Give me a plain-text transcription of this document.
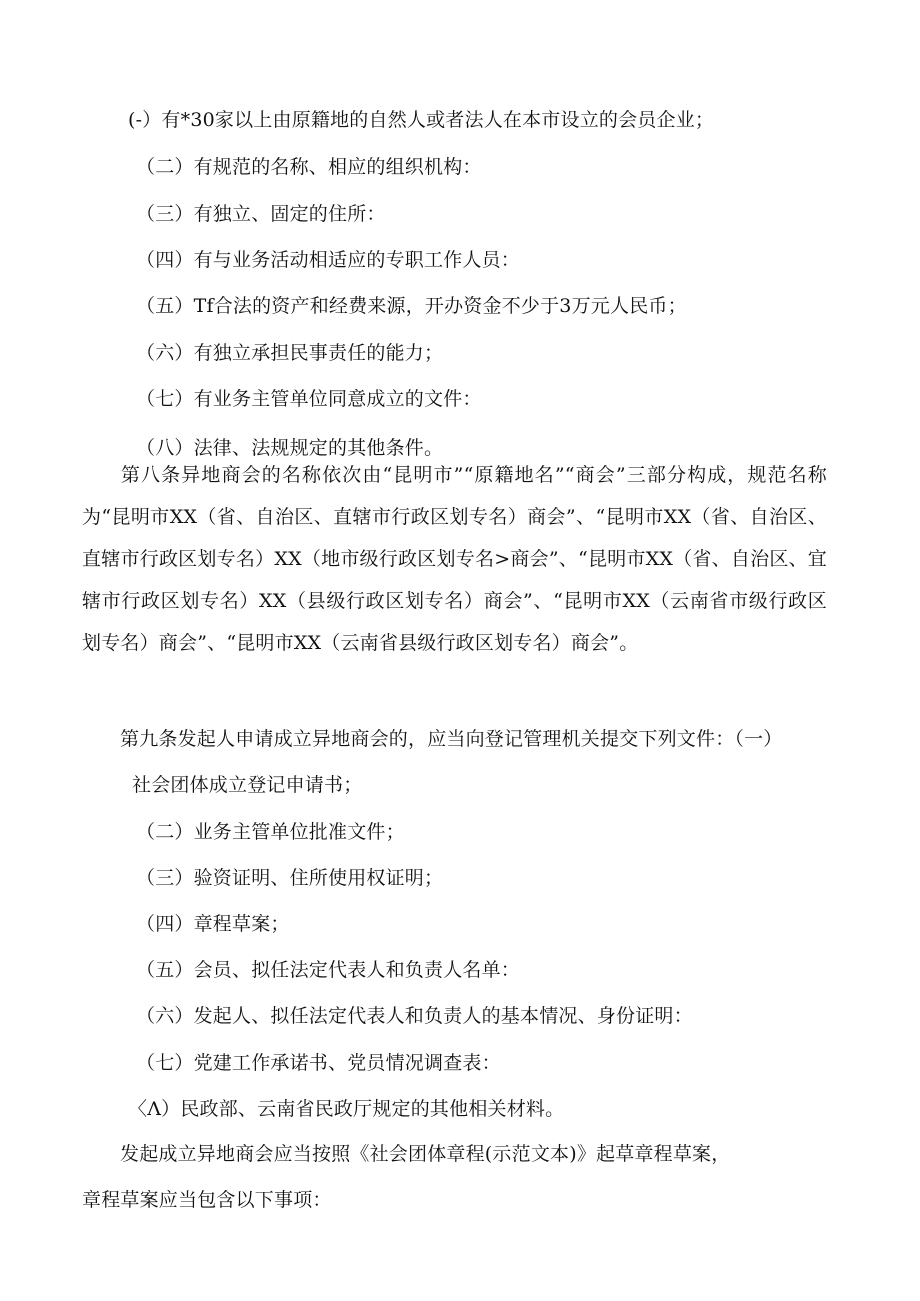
(-）有*30家以上由原籍地的自然人或者法人在本市设立的会员企业；
（二）有规范的名称、相应的组织机构：
（三）有独立、固定的住所：
（四）有与业务活动相适应的专职工作人员：
（五）Tf合法的资产和经费来源，开办资金不少于3万元人民币；
（六）有独立承担民事责任的能力；
（七）有业务主管单位同意成立的文件：
（八）法律、法规规定的其他条件。
第八条异地商会的名称依次由“昆明市”“原籍地名”“商会”三部分构成，规范名称为“昆明市XX（省、自治区、直辖市行政区划专名）商会”、“昆明市XX（省、自治区、直辖市行政区划专名）XX（地市级行政区划专名>商会”、“昆明市XX（省、自治区、宜辖市行政区划专名）XX（县级行政区划专名）商会”、“昆明市XX（云南省市级行政区划专名）商会”、“昆明市XX（云南省县级行政区划专名）商会”。
第九条发起人申请成立异地商会的，应当向登记管理机关提交下列文件：（一）
社会团体成立登记申请书；
（二）业务主管单位批准文件；
（三）验资证明、住所使用权证明；
（四）章程草案；
（五）会员、拟任法定代表人和负责人名单：
（六）发起人、拟任法定代表人和负责人的基本情况、身份证明：
（七）党建工作承诺书、党员情况调查表：
〈Λ）民政部、云南省民政厅规定的其他相关材料。
发起成立异地商会应当按照《社会团体章程(示范文本)》起草章程草案，
章程草案应当包含以下事项：
